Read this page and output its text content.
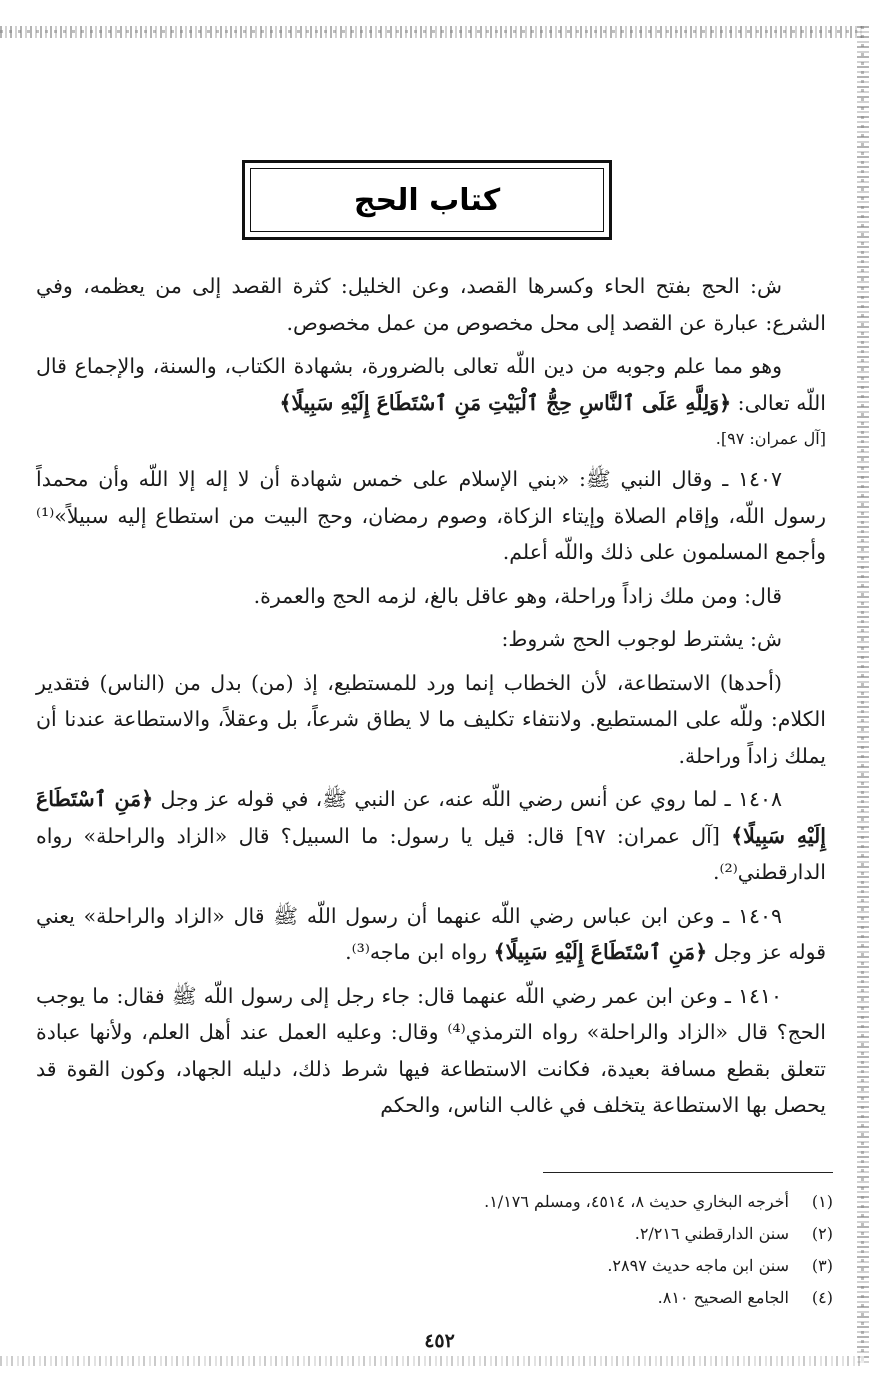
كتاب الحج

ش: الحج بفتح الحاء وكسرها القصد، وعن الخليل: كثرة القصد إلى من يعظمه، وفي الشرع: عبارة عن القصد إلى محل مخصوص من عمل مخصوص.

وهو مما علم وجوبه من دين اللّه تعالى بالضرورة، بشهادة الكتاب، والسنة، والإجماع قال اللّه تعالى: ﴿وَلِلَّهِ عَلَى ٱلنَّاسِ حِجُّ ٱلْبَيْتِ مَنِ ٱسْتَطَاعَ إِلَيْهِ سَبِيلًا﴾

[آل عمران: ٩٧].

١٤٠٧ ـ وقال النبي ﷺ: «بني الإسلام على خمس شهادة أن لا إله إلا اللّه وأن محمداً رسول اللّه، وإقام الصلاة وإيتاء الزكاة، وصوم رمضان، وحج البيت من استطاع إليه سبيلاً»⁽¹⁾ وأجمع المسلمون على ذلك واللّه أعلم.

قال: ومن ملك زاداً وراحلة، وهو عاقل بالغ، لزمه الحج والعمرة.

ش: يشترط لوجوب الحج شروط:

(أحدها) الاستطاعة، لأن الخطاب إنما ورد للمستطيع، إذ (من) بدل من (الناس) فتقدير الكلام: وللّه على المستطيع. ولانتفاء تكليف ما لا يطاق شرعاً، بل وعقلاً، والاستطاعة عندنا أن يملك زاداً وراحلة.

١٤٠٨ ـ لما روي عن أنس رضي اللّه عنه، عن النبي ﷺ، في قوله عز وجل ﴿مَنِ ٱسْتَطَاعَ إِلَيْهِ سَبِيلًا﴾ [آل عمران: ٩٧] قال: قيل يا رسول: ما السبيل؟ قال «الزاد والراحلة» رواه الدارقطني⁽²⁾.

١٤٠٩ ـ وعن ابن عباس رضي اللّه عنهما أن رسول اللّه ﷺ قال «الزاد والراحلة» يعني قوله عز وجل ﴿مَنِ ٱسْتَطَاعَ إِلَيْهِ سَبِيلًا﴾ رواه ابن ماجه⁽³⁾.

١٤١٠ ـ وعن ابن عمر رضي اللّه عنهما قال: جاء رجل إلى رسول اللّه ﷺ فقال: ما يوجب الحج؟ قال «الزاد والراحلة» رواه الترمذي⁽⁴⁾ وقال: وعليه العمل عند أهل العلم، ولأنها عبادة تتعلق بقطع مسافة بعيدة، فكانت الاستطاعة فيها شرط ذلك، دليله الجهاد، وكون القوة قد يحصل بها الاستطاعة يتخلف في غالب الناس، والحكم

(١)
أخرجه البخاري حديث ٨، ٤٥١٤، ومسلم ١/١٧٦.
(٢)
سنن الدارقطني ٢/٢١٦.
(٣)
سنن ابن ماجه حديث ٢٨٩٧.
(٤)
الجامع الصحيح ٨١٠.
٤٥٢
